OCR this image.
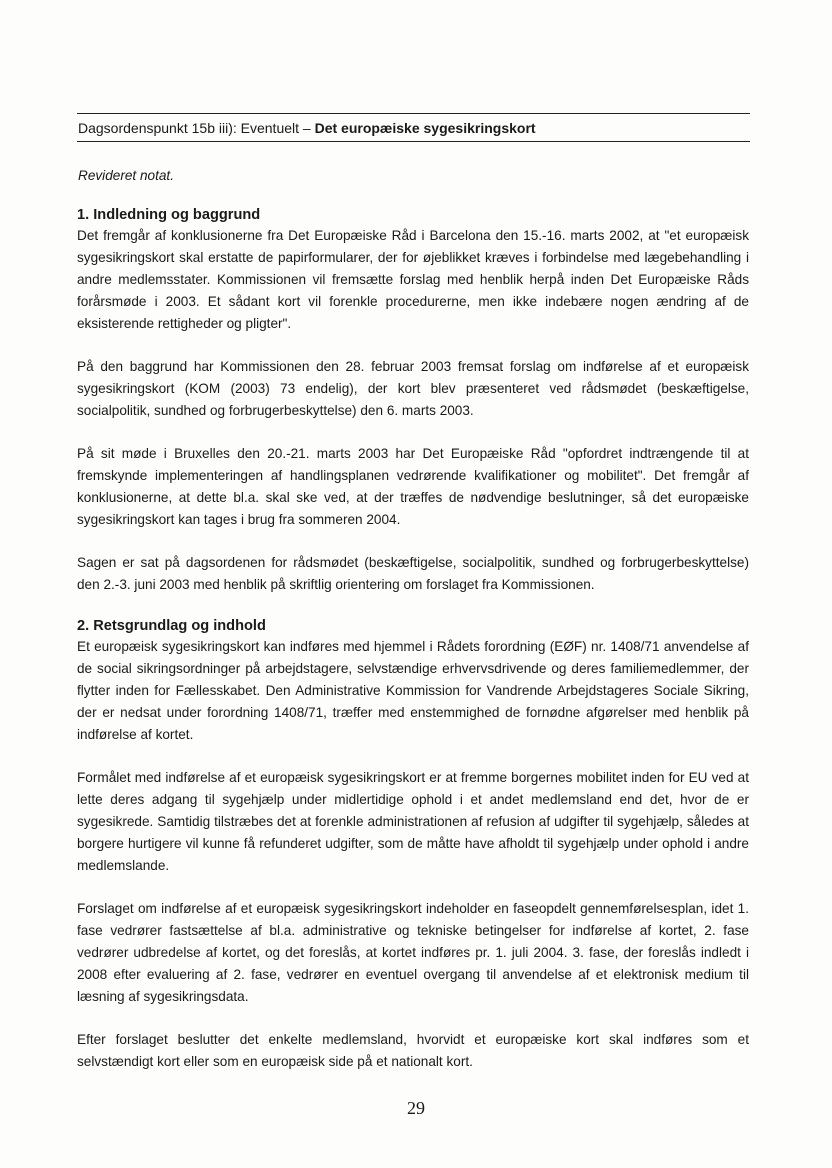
Dagsordenspunkt 15b iii): Eventuelt – Det europæiske sygesikringskort
Revideret notat.
1. Indledning og baggrund

Det fremgår af konklusionerne fra Det Europæiske Råd i Barcelona den 15.-16. marts 2002, at "et europæisk sygesikringskort skal erstatte de papirformularer, der for øjeblikket kræves i forbindelse med lægebehandling i andre medlemsstater. Kommissionen vil fremsætte forslag med henblik herpå inden Det Europæiske Råds forårsmøde i 2003. Et sådant kort vil forenkle procedurerne, men ikke indebære nogen ændring af de eksisterende rettigheder og pligter".

På den baggrund har Kommissionen den 28. februar 2003 fremsat forslag om indførelse af et europæisk sygesikringskort (KOM (2003) 73 endelig), der kort blev præsenteret ved rådsmødet (beskæftigelse, socialpolitik, sundhed og forbrugerbeskyttelse) den 6. marts 2003.

På sit møde i Bruxelles den 20.-21. marts 2003 har Det Europæiske Råd "opfordret indtrængende til at fremskynde implementeringen af handlingsplanen vedrørende kvalifikationer og mobilitet". Det fremgår af konklusionerne, at dette bl.a. skal ske ved, at der træffes de nødvendige beslutninger, så det europæiske sygesikringskort kan tages i brug fra sommeren 2004.

Sagen er sat på dagsordenen for rådsmødet (beskæftigelse, socialpolitik, sundhed og forbrugerbeskyttelse) den 2.-3. juni 2003 med henblik på skriftlig orientering om forslaget fra Kommissionen.

2. Retsgrundlag og indhold

Et europæisk sygesikringskort kan indføres med hjemmel i Rådets forordning (EØF) nr. 1408/71 anvendelse af de social sikringsordninger på arbejdstagere, selvstændige erhvervsdrivende og deres familiemedlemmer, der flytter inden for Fællesskabet. Den Administrative Kommission for Vandrende Arbejdstageres Sociale Sikring, der er nedsat under forordning 1408/71, træffer med enstemmighed de fornødne afgørelser med henblik på indførelse af kortet.

Formålet med indførelse af et europæisk sygesikringskort er at fremme borgernes mobilitet inden for EU ved at lette deres adgang til sygehjælp under midlertidige ophold i et andet medlemsland end det, hvor de er sygesikrede. Samtidig tilstræbes det at forenkle administrationen af refusion af udgifter til sygehjælp, således at borgere hurtigere vil kunne få refunderet udgifter, som de måtte have afholdt til sygehjælp under ophold i andre medlemslande.

Forslaget om indførelse af et europæisk sygesikringskort indeholder en faseopdelt gennemførelsesplan, idet 1. fase vedrører fastsættelse af bl.a. administrative og tekniske betingelser for indførelse af kortet, 2. fase vedrører udbredelse af kortet, og det foreslås, at kortet indføres pr. 1. juli 2004. 3. fase, der foreslås indledt i 2008 efter evaluering af 2. fase, vedrører en eventuel overgang til anvendelse af et elektronisk medium til læsning af sygesikringsdata.

Efter forslaget beslutter det enkelte medlemsland, hvorvidt et europæiske kort skal indføres som et selvstændigt kort eller som en europæisk side på et nationalt kort.

29
